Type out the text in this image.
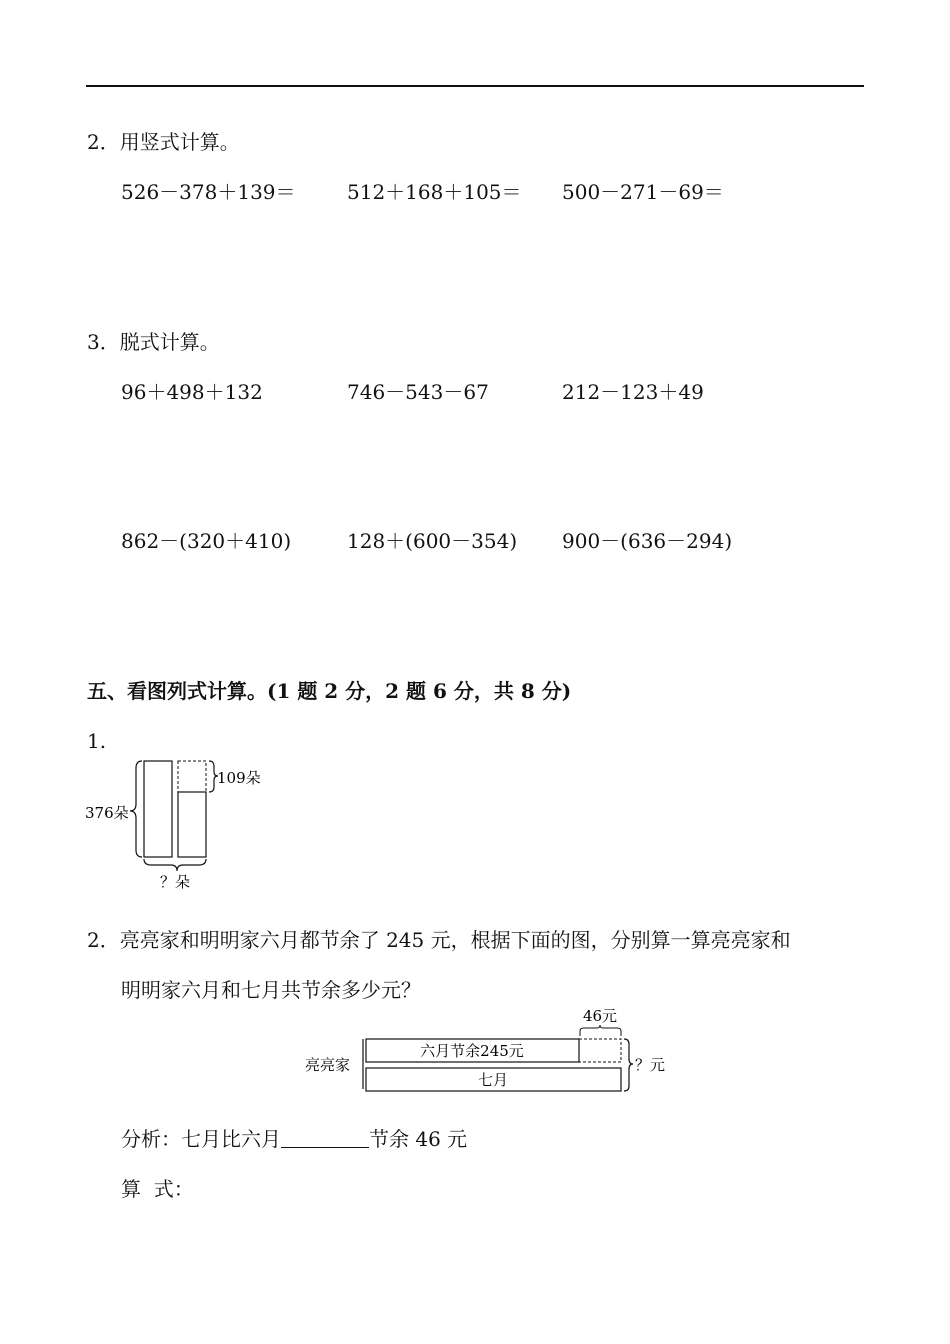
2．用竖式计算。
526－378＋139＝	512＋168＋105＝ 500－271－69＝
3．脱式计算。
96＋498＋132	746－543－67	212－123＋49
862－(320＋410)	128＋(600－354) 900－(636－294)
五、看图列式计算。(1 题 2 分，2 题 6 分，共 8 分)
1.
376朵
109朵
？朵
2．亮亮家和明明家六月都节余了 245 元，根据下面的图，分别算一算亮亮家和
明明家六月和七月共节余多少元？
亮亮家
六月节余245元
46元
七月
？元
分析：七月比六月	节余 46 元
算  式：
